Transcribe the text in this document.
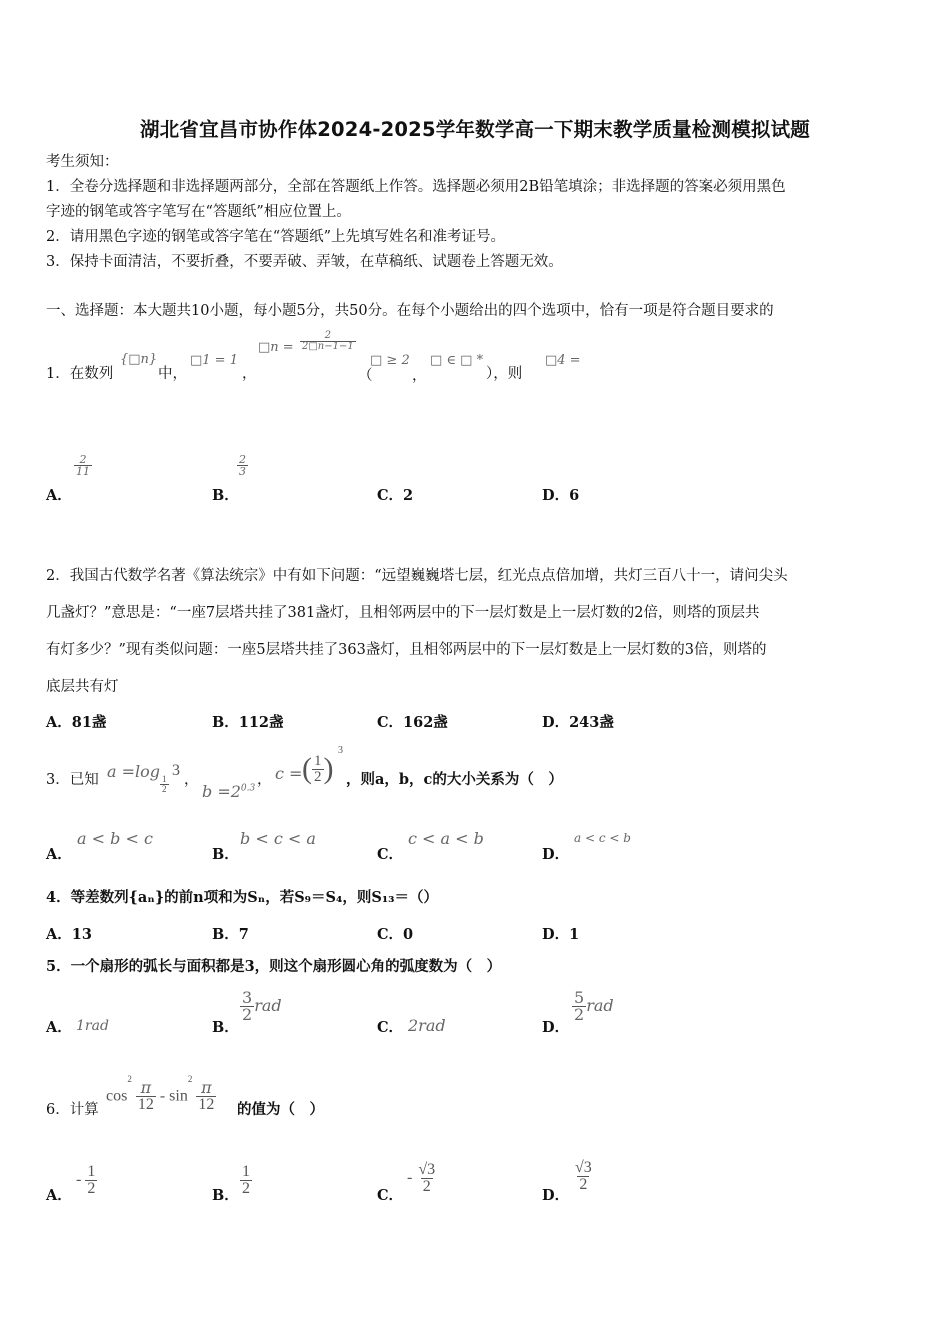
湖北省宜昌市协作体2024-2025学年数学高一下期末教学质量检测模拟试题
考生须知：
1．全卷分选择题和非选择题两部分，全部在答题纸上作答。选择题必须用2B铅笔填涂；非选择题的答案必须用黑色
字迹的钢笔或答字笔写在“答题纸”相应位置上。
2．请用黑色字迹的钢笔或答字笔在“答题纸”上先填写姓名和准考证号。
3．保持卡面清洁，不要折叠，不要弄破、弄皱，在草稿纸、试题卷上答题无效。
一、选择题：本大题共10小题，每小题5分，共50分。在每个小题给出的四个选项中，恰有一项是符合题目要求的
1．在数列
{□n}
中，
□1 = 1
，
□n = $\frac{2}{2□n-1-1}$
（
□ ≥ 2
，
□ ∈ □ *
），则
□4 =
A．
$\frac{2}{11}$
B．
$\frac{2}{3}$
C．2	D．6
2．我国古代数学名著《算法统宗》中有如下问题：“远望巍巍塔七层，红光点点倍加增，共灯三百八十一，请问尖头
几盏灯？”意思是：“一座7层塔共挂了381盏灯，且相邻两层中的下一层灯数是上一层灯数的2倍，则塔的顶层共
有灯多少？”现有类似问题：一座5层塔共挂了363盏灯，且相邻两层中的下一层灯数是上一层灯数的3倍，则塔的
底层共有灯
A．81盏	B．112盏	C．162盏	D．243盏
3．已知 a =log
$\frac{1}{2}$
3
，
$b =2^{0.3}$
， c = ( $\frac{1}{2}$ )
3
，则a，b，c的大小关系为（　）
A．
a < b < c
B．
b < c < a
C．
c < a < b
D．
a < c < b
4．等差数列{aₙ}的前n项和为Sₙ，若S₉＝S₄，则S₁₃＝（）
A．13	B．7	C．0	D．1
5．一个扇形的弧长与面积都是3，则这个扇形圆心角的弧度数为（　）
A． 1rad	B．
$\frac{3}{2}$ rad
C． 2rad	D．
$\frac{5}{2}$ rad
6．计算
$\cos^2$
$\frac{\pi}{12} - \sin^2$
$\frac{\pi}{12}$ 的值为（　）
A．
- $\frac{1}{2}$	B． $\frac{1}{2}$	C．
- $\frac{√3}{2}$
D．
$\frac{√3}{2}$
